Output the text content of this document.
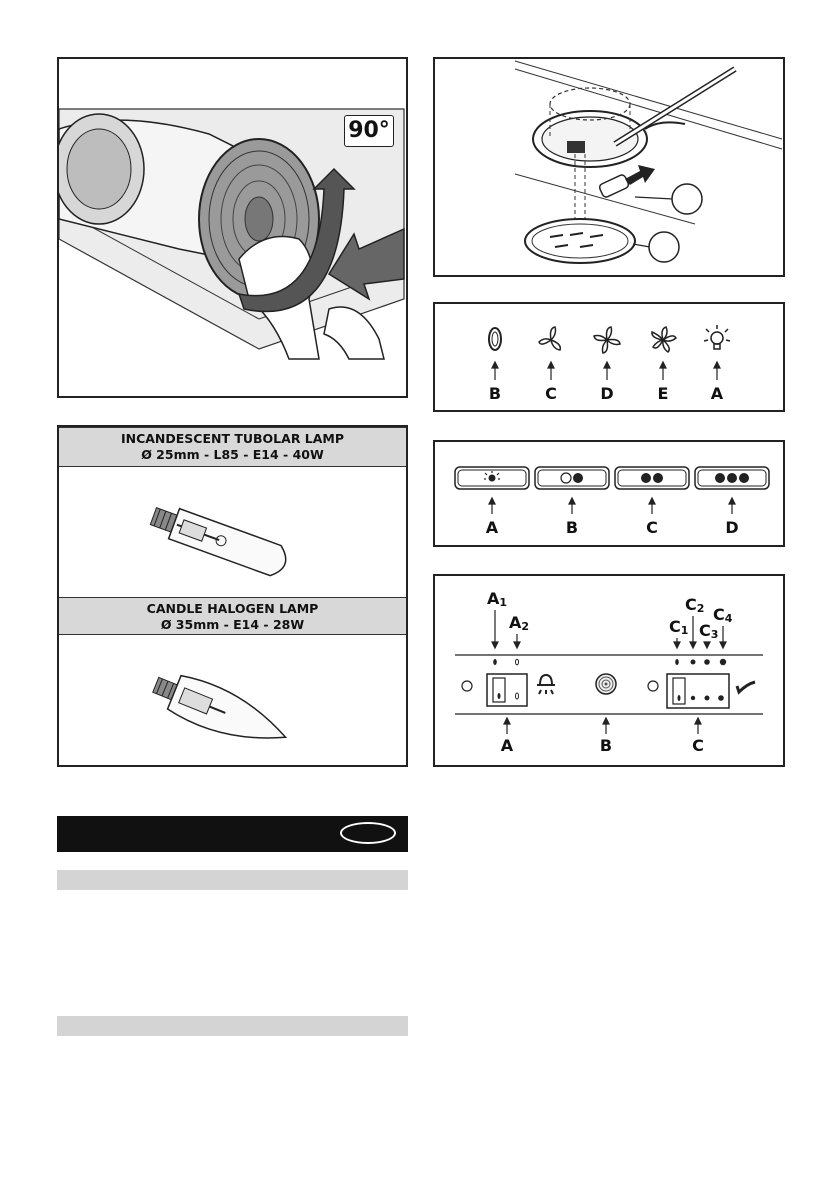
90°
B	C	D	E	A
A	B	C	D
INCANDESCENT TUBOLAR LAMP
Ø 25mm - L85 - E14 - 40W
CANDLE HALOGEN LAMP
Ø 35mm - E14 - 28W
A1
A2	C1
C2
C3
C4
A	B	C
